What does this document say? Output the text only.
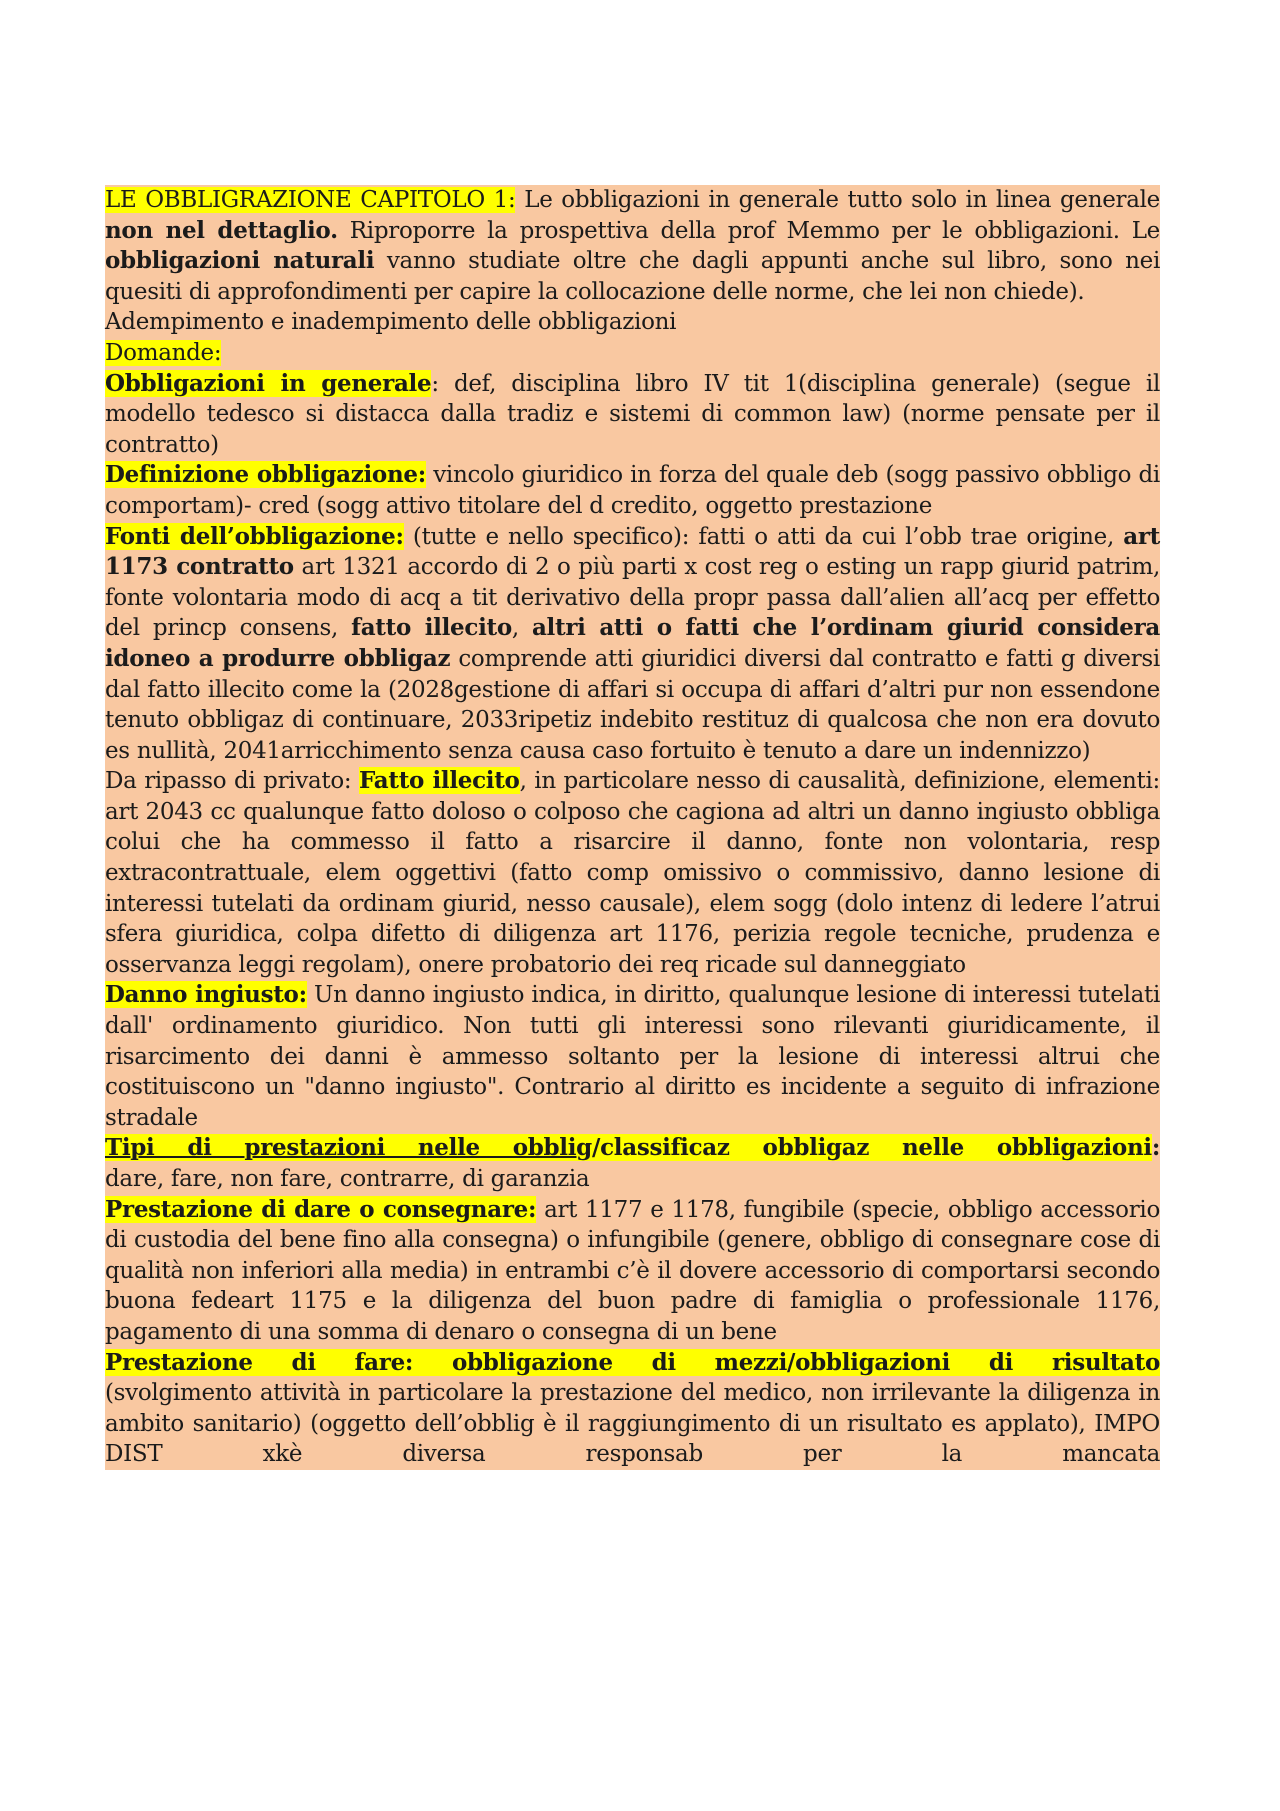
LE OBBLIGRAZIONE CAPITOLO 1: Le obbligazioni in generale tutto solo in linea generale non nel dettaglio. Riproporre la prospettiva della prof Memmo per le obbligazioni. Le obbligazioni naturali vanno studiate oltre che dagli appunti anche sul libro, sono nei quesiti di approfondimenti per capire la collocazione delle norme, che lei non chiede).

Adempimento e inadempimento delle obbligazioni

Domande:

Obbligazioni in generale: def, disciplina libro IV tit 1(disciplina generale) (segue il modello tedesco si distacca dalla tradiz e sistemi di common law) (norme pensate per il contratto)

Definizione obbligazione: vincolo giuridico in forza del quale deb (sogg passivo obbligo di comportam)- cred (sogg attivo titolare del d credito, oggetto prestazione

Fonti dell’obbligazione: (tutte e nello specifico): fatti o atti da cui l’obb trae origine, art 1173 contratto art 1321 accordo di 2 o più parti x cost reg o esting un rapp giurid patrim, fonte volontaria modo di acq a tit derivativo della propr passa dall’alien all’acq per effetto del princp consens, fatto illecito, altri atti o fatti che l’ordinam giurid considera idoneo a produrre obbligaz comprende atti giuridici diversi dal contratto e fatti g diversi dal fatto illecito come la (2028gestione di affari si occupa di affari d’altri pur non essendone tenuto obbligaz di continuare, 2033ripetiz indebito restituz di qualcosa che non era dovuto es nullità, 2041arricchimento senza causa caso fortuito è tenuto a dare un indennizzo)

Da ripasso di privato: Fatto illecito, in particolare nesso di causalità, definizione, elementi: art 2043 cc qualunque fatto doloso o colposo che cagiona ad altri un danno ingiusto obbliga colui che ha commesso il fatto a risarcire il danno, fonte non volontaria, resp extracontrattuale, elem oggettivi (fatto comp omissivo o commissivo, danno lesione di interessi tutelati da ordinam giurid, nesso causale), elem sogg (dolo intenz di ledere l’atrui sfera giuridica, colpa difetto di diligenza art 1176, perizia regole tecniche, prudenza e osservanza leggi regolam), onere probatorio dei req ricade sul danneggiato

Danno ingiusto: Un danno ingiusto indica, in diritto, qualunque lesione di interessi tutelati dall' ordinamento giuridico. Non tutti gli interessi sono rilevanti giuridicamente, il risarcimento dei danni è ammesso soltanto per la lesione di interessi altrui che costituiscono un "danno ingiusto". Contrario al diritto es incidente a seguito di infrazione stradale

Tipi di prestazioni nelle obblig/classificaz obbligaz nelle obbligazioni:

dare, fare, non fare, contrarre, di garanzia

Prestazione di dare o consegnare: art 1177 e 1178, fungibile (specie, obbligo accessorio di custodia del bene fino alla consegna) o infungibile (genere, obbligo di consegnare cose di qualità non inferiori alla media) in entrambi c’è il dovere accessorio di comportarsi secondo buona fedeart 1175 e la diligenza del buon padre di famiglia o professionale 1176, pagamento di una somma di denaro o consegna di un bene

Prestazione di fare: obbligazione di mezzi/obbligazioni di risultato

(svolgimento attività in particolare la prestazione del medico, non irrilevante la diligenza in ambito sanitario) (oggetto dell’obblig è il raggiungimento di un risultato es applato), IMPO DIST xkè diversa responsab per la mancata
